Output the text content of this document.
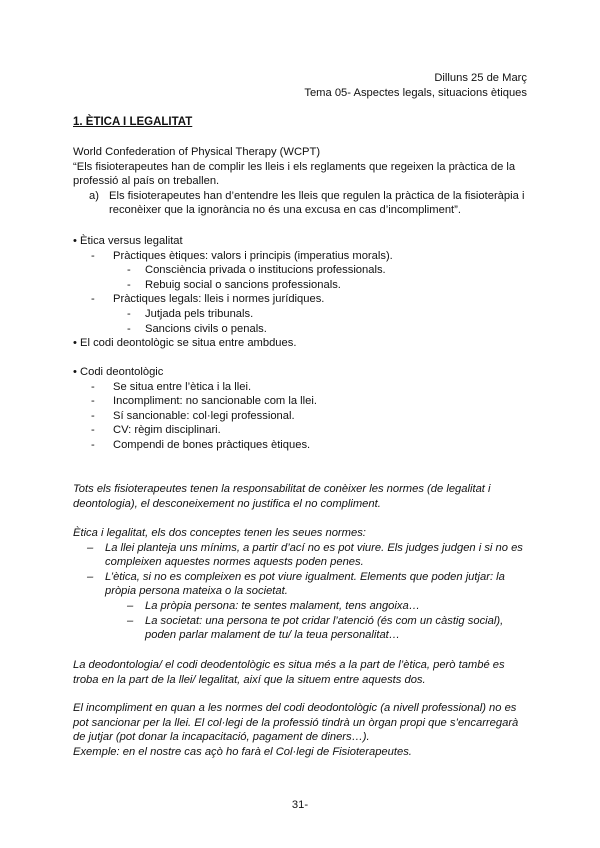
Dilluns 25 de Març
Tema 05- Aspectes legals, situacions ètiques
1. ÈTICA I LEGALITAT
World Confederation of Physical Therapy (WCPT)
“Els fisioterapeutes han de complir les lleis i els reglaments que regeixen la pràctica de la
professió al país on treballen.
a) Els fisioterapeutes han d’entendre les lleis que regulen la pràctica de la fisioteràpia i
reconèixer que la ignorància no és una excusa en cas d’incompliment”.
• Ètica versus legalitat
- Pràctiques ètiques: valors i principis (imperatius morals).
- Consciència privada o institucions professionals.
- Rebuig social o sancions professionals.
- Pràctiques legals: lleis i normes jurídiques.
- Jutjada pels tribunals.
- Sancions civils o penals.
• El codi deontològic se situa entre ambdues.
• Codi deontològic
- Se situa entre l’ètica i la llei.
- Incompliment: no sancionable com la llei.
- Sí sancionable: col·legi professional.
- CV: règim disciplinari.
- Compendi de bones pràctiques ètiques.
Tots els fisioterapeutes tenen la responsabilitat de conèixer les normes (de legalitat i
deontologia), el desconeixement no justifica el no compliment.
Ètica i legalitat, els dos conceptes tenen les seues normes:
– La llei planteja uns mínims, a partir d’ací no es pot viure. Els judges judgen i si no es
compleixen aquestes normes aquests poden penes.
– L’ètica, si no es compleixen es pot viure igualment. Elements que poden jutjar: la
pròpia persona mateixa o la societat.
– La pròpia persona: te sentes malament, tens angoixa…
– La societat: una persona te pot cridar l’atenció (és com un càstig social),
poden parlar malament de tu/ la teua personalitat…
La deodontologia/ el codi deodentològic es situa més a la part de l’ètica, però també es
troba en la part de la llei/ legalitat, així que la situem entre aquests dos.
El incompliment en quan a les normes del codi deodontològic (a nivell professional) no es
pot sancionar per la llei. El col·legi de la professió tindrà un òrgan propi que s’encarregarà
de jutjar (pot donar la incapacitació, pagament de diners…).
Exemple: en el nostre cas açò ho farà el Col·legi de Fisioterapeutes.
31-
